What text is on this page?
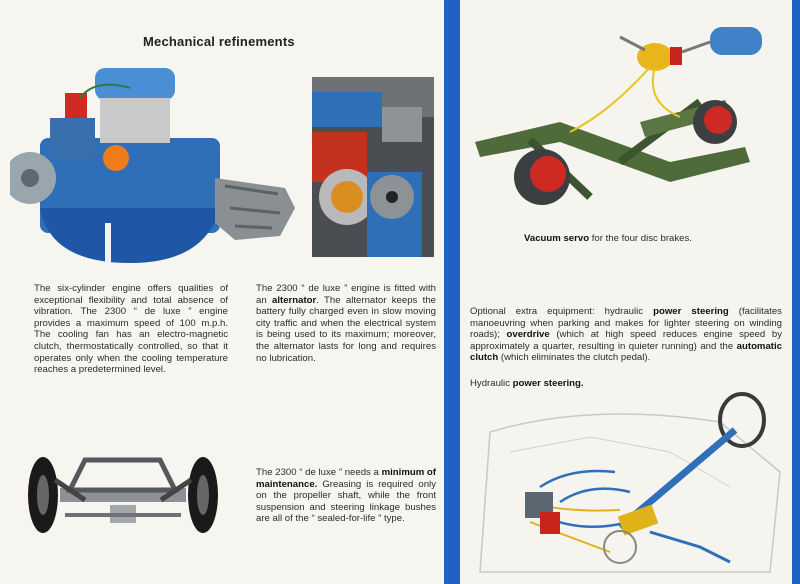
Mechanical refinements
The six-cylinder engine offers qualities of exceptional flexibility and total absence of vibration. The 2300 “ de luxe ” engine provides a maximum speed of 100 m.p.h. The cooling fan has an electro-magnetic clutch, thermostatically controlled, so that it operates only when the cooling temperature reaches a predetermined level.
The 2300 “ de luxe ” engine is fitted with an alternator. The alternator keeps the battery fully charged even in slow moving city traffic and when the electrical system is being used to its maximum; moreover, the alternator lasts for long and requires no lubrication.
The 2300 “ de luxe ” needs a minimum of maintenance. Greasing is required only on the propeller shaft, while the front suspension and steering linkage bushes are all of the “ sealed-for-life ” type.
Vacuum servo for the four disc brakes.
Optional extra equipment: hydraulic power steering (facilitates manoeuvring when parking and makes for lighter steering on winding roads); overdrive (which at high speed reduces engine speed by approximately a quarter, resulting in quieter running) and the automatic clutch (which eliminates the clutch pedal).
Hydraulic power steering.
